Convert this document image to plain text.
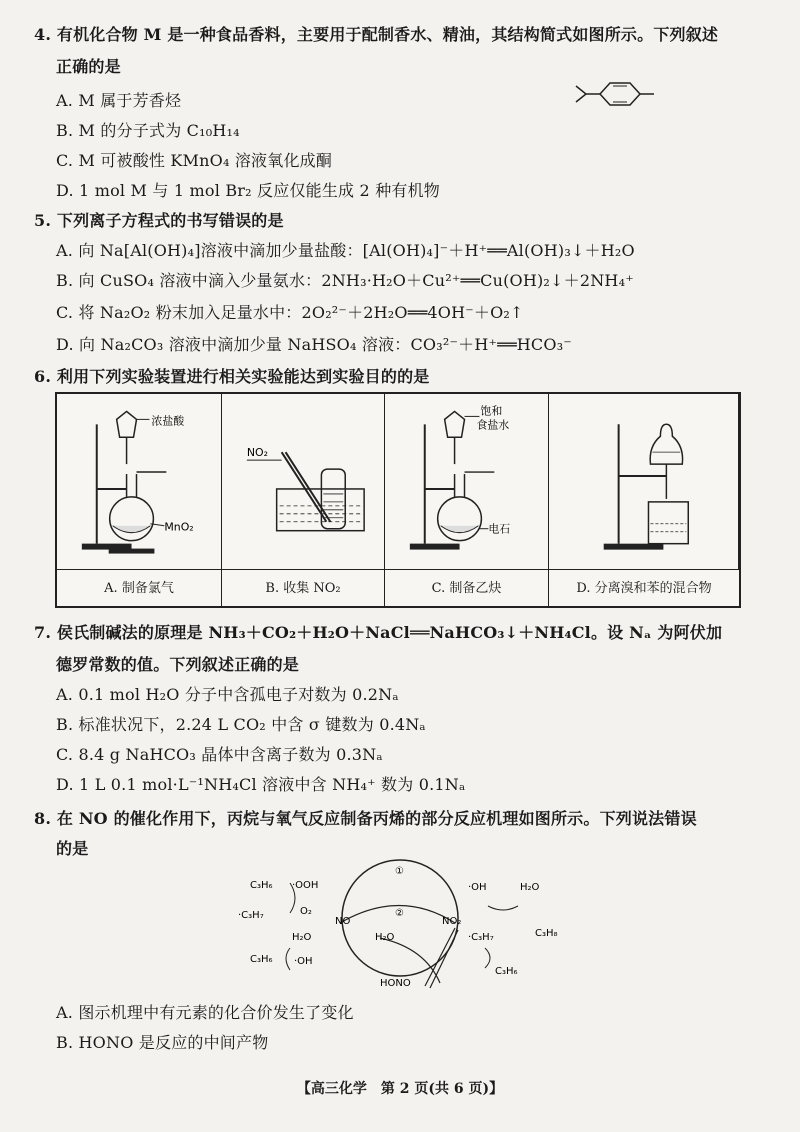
4. 有机化合物 M 是一种食品香料，主要用于配制香水、精油，其结构简式如图所示。下列叙述
正确的是
A. M 属于芳香烃
B. M 的分子式为 C₁₀H₁₄
C. M 可被酸性 KMnO₄ 溶液氧化成酮
D. 1 mol M 与 1 mol Br₂ 反应仅能生成 2 种有机物
5. 下列离子方程式的书写错误的是
A. 向 Na[Al(OH)₄]溶液中滴加少量盐酸：[Al(OH)₄]⁻＋H⁺══Al(OH)₃↓＋H₂O
B. 向 CuSO₄ 溶液中滴入少量氨水：2NH₃·H₂O＋Cu²⁺══Cu(OH)₂↓＋2NH₄⁺
C. 将 Na₂O₂ 粉末加入足量水中：2O₂²⁻＋2H₂O══4OH⁻＋O₂↑
D. 向 Na₂CO₃ 溶液中滴加少量 NaHSO₄ 溶液：CO₃²⁻＋H⁺══HCO₃⁻
6. 利用下列实验装置进行相关实验能达到实验目的的是
浓盐酸
MnO₂
NO₂
饱和
食盐水
电石
A. 制备氯气	B. 收集 NO₂	C. 制备乙炔	D. 分离溴和苯的混合物
7. 侯氏制碱法的原理是 NH₃＋CO₂＋H₂O＋NaCl══NaHCO₃↓＋NH₄Cl。设 Nₐ 为阿伏加
德罗常数的值。下列叙述正确的是
A. 0.1 mol H₂O 分子中含孤电子对数为 0.2Nₐ
B. 标准状况下，2.24 L CO₂ 中含 σ 键数为 0.4Nₐ
C. 8.4 g NaHCO₃ 晶体中含离子数为 0.3Nₐ
D. 1 L 0.1 mol·L⁻¹NH₄Cl 溶液中含 NH₄⁺ 数为 0.1Nₐ
8. 在 NO 的催化作用下，丙烷与氧气反应制备丙烯的部分反应机理如图所示。下列说法错误
的是
C₃H₆ ·OOH
·C₃H₇	O₂
NO
H₂O
C₃H₆ ·OH
①
②
H₂O
HONO
NO₂
·OH	H₂O
C₃H₈
·C₃H₇
C₃H₆
A. 图示机理中有元素的化合价发生了变化
B. HONO 是反应的中间产物
【高三化学　第 2 页(共 6 页)】
